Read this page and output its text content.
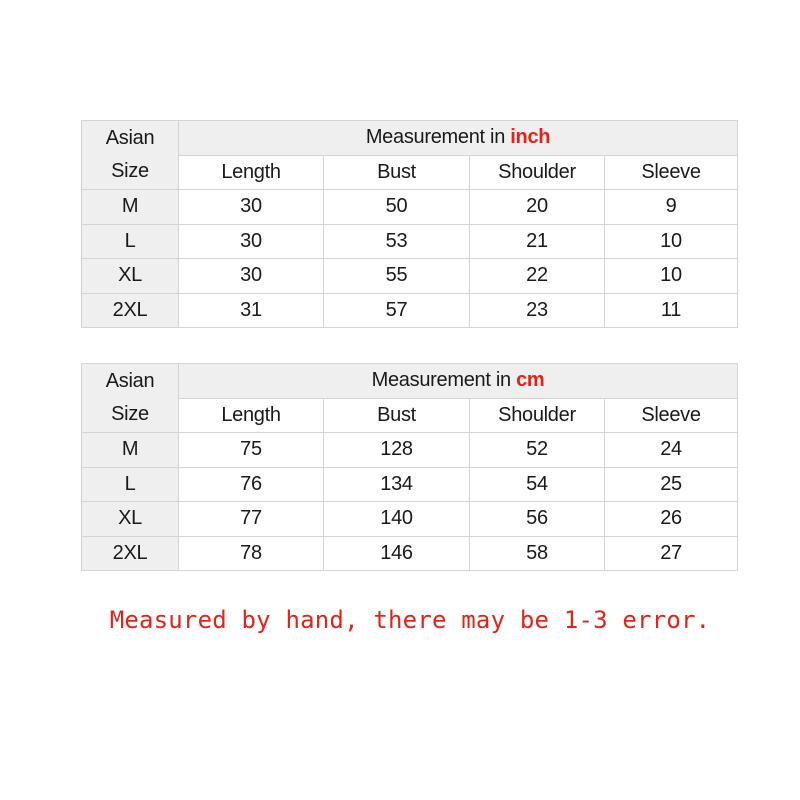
Asian
Size	Measurement in inch			
	Length	Bust	Shoulder	Sleeve
M	30	50	20	9
L	30	53	21	10
XL	30	55	22	10
2XL	31	57	23	11
Asian
Size	Measurement in cm			
	Length	Bust	Shoulder	Sleeve
M	75	128	52	24
L	76	134	54	25
XL	77	140	56	26
2XL	78	146	58	27
Measured by hand, there may be 1-3 error.
